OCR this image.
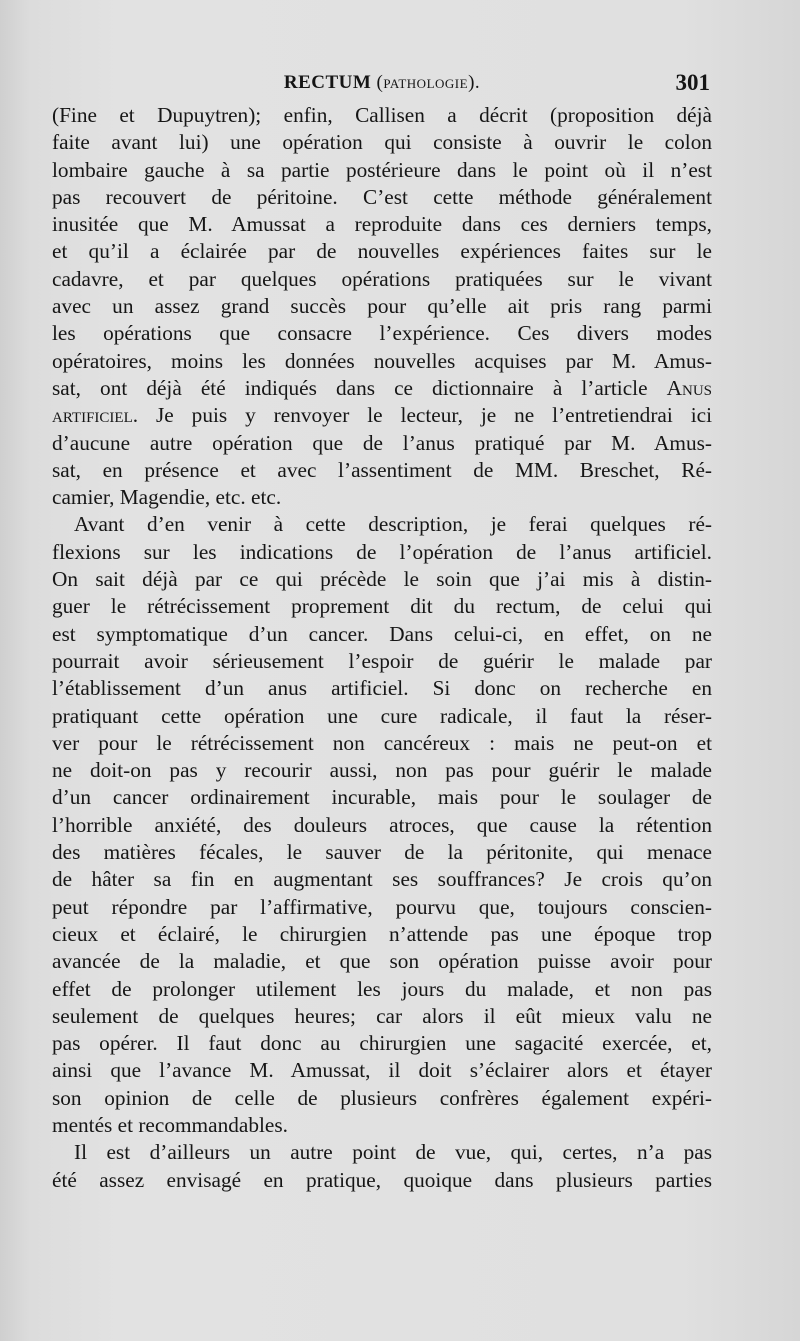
RECTUM (pathologie).	301
(Fine et Dupuytren); enfin, Callisen a décrit (proposition déjà
faite avant lui) une opération qui consiste à ouvrir le colon
lombaire gauche à sa partie postérieure dans le point où il n’est
pas recouvert de péritoine. C’est cette méthode généralement
inusitée que M. Amussat a reproduite dans ces derniers temps,
et qu’il a éclairée par de nouvelles expériences faites sur le
cadavre, et par quelques opérations pratiquées sur le vivant
avec un assez grand succès pour qu’elle ait pris rang parmi
les opérations que consacre l’expérience. Ces divers modes
opératoires, moins les données nouvelles acquises par M. Amus-
sat, ont déjà été indiqués dans ce dictionnaire à l’article Anus
artificiel. Je puis y renvoyer le lecteur, je ne l’entretiendrai ici
d’aucune autre opération que de l’anus pratiqué par M. Amus-
sat, en présence et avec l’assentiment de MM. Breschet, Ré-
camier, Magendie, etc. etc.
Avant d’en venir à cette description, je ferai quelques ré-
flexions sur les indications de l’opération de l’anus artificiel.
On sait déjà par ce qui précède le soin que j’ai mis à distin-
guer le rétrécissement proprement dit du rectum, de celui qui
est symptomatique d’un cancer. Dans celui-ci, en effet, on ne
pourrait avoir sérieusement l’espoir de guérir le malade par
l’établissement d’un anus artificiel. Si donc on recherche en
pratiquant cette opération une cure radicale, il faut la réser-
ver pour le rétrécissement non cancéreux : mais ne peut-on et
ne doit-on pas y recourir aussi, non pas pour guérir le malade
d’un cancer ordinairement incurable, mais pour le soulager de
l’horrible anxiété, des douleurs atroces, que cause la rétention
des matières fécales, le sauver de la péritonite, qui menace
de hâter sa fin en augmentant ses souffrances? Je crois qu’on
peut répondre par l’affirmative, pourvu que, toujours conscien-
cieux et éclairé, le chirurgien n’attende pas une époque trop
avancée de la maladie, et que son opération puisse avoir pour
effet de prolonger utilement les jours du malade, et non pas
seulement de quelques heures; car alors il eût mieux valu ne
pas opérer. Il faut donc au chirurgien une sagacité exercée, et,
ainsi que l’avance M. Amussat, il doit s’éclairer alors et étayer
son opinion de celle de plusieurs confrères également expéri-
mentés et recommandables.
Il est d’ailleurs un autre point de vue, qui, certes, n’a pas
été assez envisagé en pratique, quoique dans plusieurs parties
